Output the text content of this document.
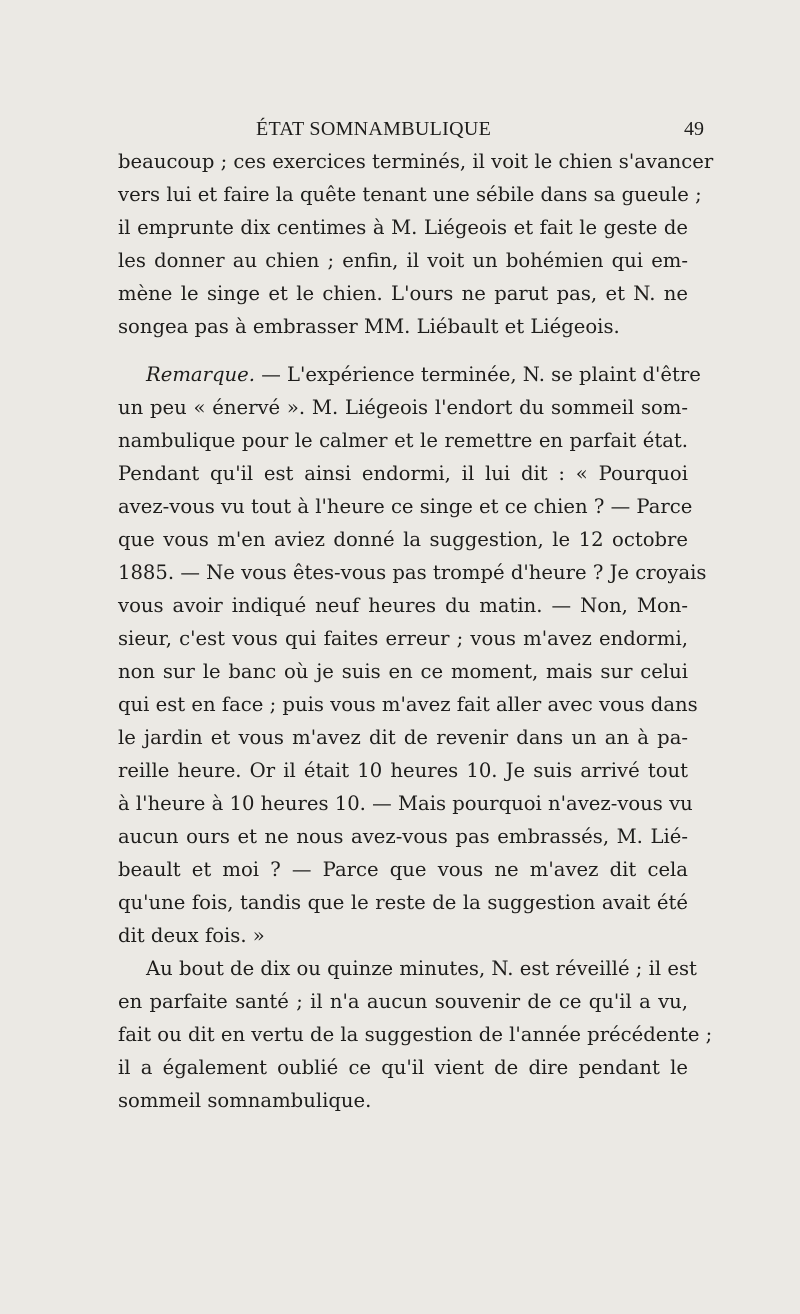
ÉTAT SOMNAMBULIQUE	49
beaucoup ; ces exercices terminés, il voit le chien s'avancer
vers lui et faire la quête tenant une sébile dans sa gueule ;
il emprunte dix centimes à M. Liégeois et fait le geste de
les donner au chien ; enfin, il voit un bohémien qui em-
mène le singe et le chien. L'ours ne parut pas, et N. ne
songea pas à embrasser MM. Liébault et Liégeois.
Remarque. — L'expérience terminée, N. se plaint d'être
un peu « énervé ». M. Liégeois l'endort du sommeil som-
nambulique pour le calmer et le remettre en parfait état.
Pendant qu'il est ainsi endormi, il lui dit : « Pourquoi
avez-vous vu tout à l'heure ce singe et ce chien ? — Parce
que vous m'en aviez donné la suggestion, le 12 octobre
1885. — Ne vous êtes-vous pas trompé d'heure ? Je croyais
vous avoir indiqué neuf heures du matin. — Non, Mon-
sieur, c'est vous qui faites erreur ; vous m'avez endormi,
non sur le banc où je suis en ce moment, mais sur celui
qui est en face ; puis vous m'avez fait aller avec vous dans
le jardin et vous m'avez dit de revenir dans un an à pa-
reille heure. Or il était 10 heures 10. Je suis arrivé tout
à l'heure à 10 heures 10. — Mais pourquoi n'avez-vous vu
aucun ours et ne nous avez-vous pas embrassés, M. Lié-
beault et moi ? — Parce que vous ne m'avez dit cela
qu'une fois, tandis que le reste de la suggestion avait été
dit deux fois. »
Au bout de dix ou quinze minutes, N. est réveillé ; il est
en parfaite santé ; il n'a aucun souvenir de ce qu'il a vu,
fait ou dit en vertu de la suggestion de l'année précédente ;
il a également oublié ce qu'il vient de dire pendant le
sommeil somnambulique.
